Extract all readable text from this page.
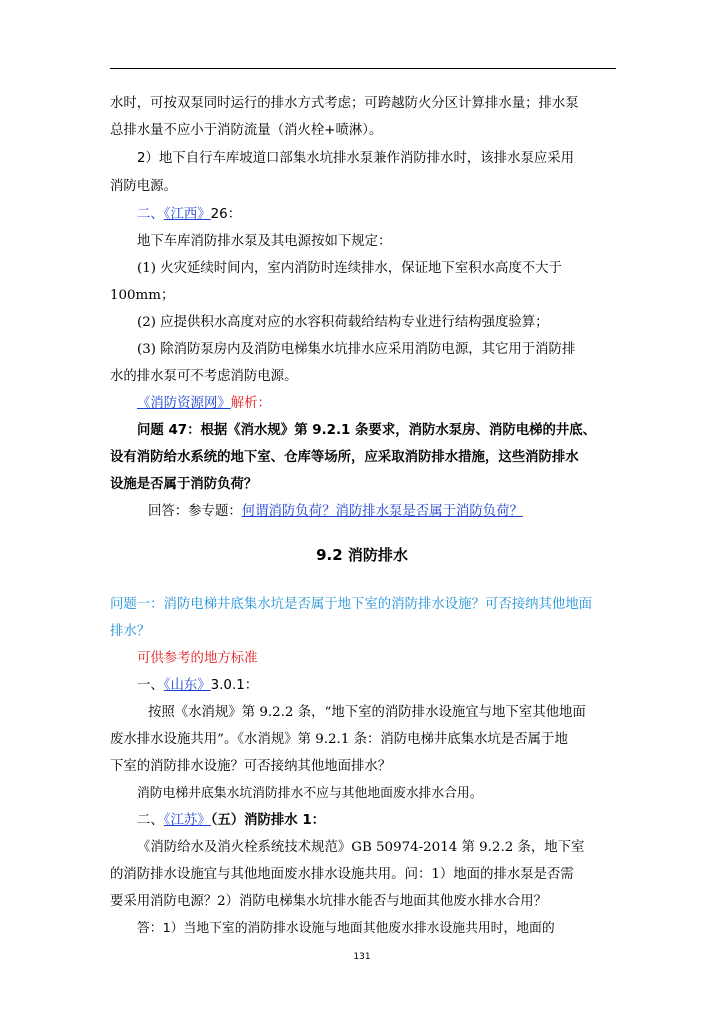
水时，可按双泵同时运行的排水方式考虑；可跨越防火分区计算排水量；排水泵
总排水量不应小于消防流量（消火栓+喷淋）。
2）地下自行车库坡道口部集水坑排水泵兼作消防排水时，该排水泵应采用
消防电源。
二、《江西》26：
地下车库消防排水泵及其电源按如下规定：
(1) 火灾延续时间内，室内消防时连续排水，保证地下室积水高度不大于
100mm；
(2) 应提供积水高度对应的水容积荷载给结构专业进行结构强度验算；
(3) 除消防泵房内及消防电梯集水坑排水应采用消防电源，其它用于消防排
水的排水泵可不考虑消防电源。
《消防资源网》解析：
问题 47：根据《消水规》第 9.2.1 条要求，消防水泵房、消防电梯的井底、
设有消防给水系统的地下室、仓库等场所，应采取消防排水措施，这些消防排水
设施是否属于消防负荷？
回答：参专题：何谓消防负荷？消防排水泵是否属于消防负荷？
9.2 消防排水
问题一：消防电梯井底集水坑是否属于地下室的消防排水设施？可否接纳其他地面
排水？
可供参考的地方标准
一、《山东》3.0.1：
按照《水消规》第 9.2.2 条，“地下室的消防排水设施宜与地下室其他地面
废水排水设施共用”。《水消规》第 9.2.1 条：消防电梯井底集水坑是否属于地
下室的消防排水设施？可否接纳其他地面排水？
消防电梯井底集水坑消防排水不应与其他地面废水排水合用。
二、《江苏》（五）消防排水 1：
《消防给水及消火栓系统技术规范》GB 50974-2014 第 9.2.2 条，地下室
的消防排水设施宜与其他地面废水排水设施共用。问：1）地面的排水泵是否需
要采用消防电源？2）消防电梯集水坑排水能否与地面其他废水排水合用？
答：1）当地下室的消防排水设施与地面其他废水排水设施共用时，地面的
131
